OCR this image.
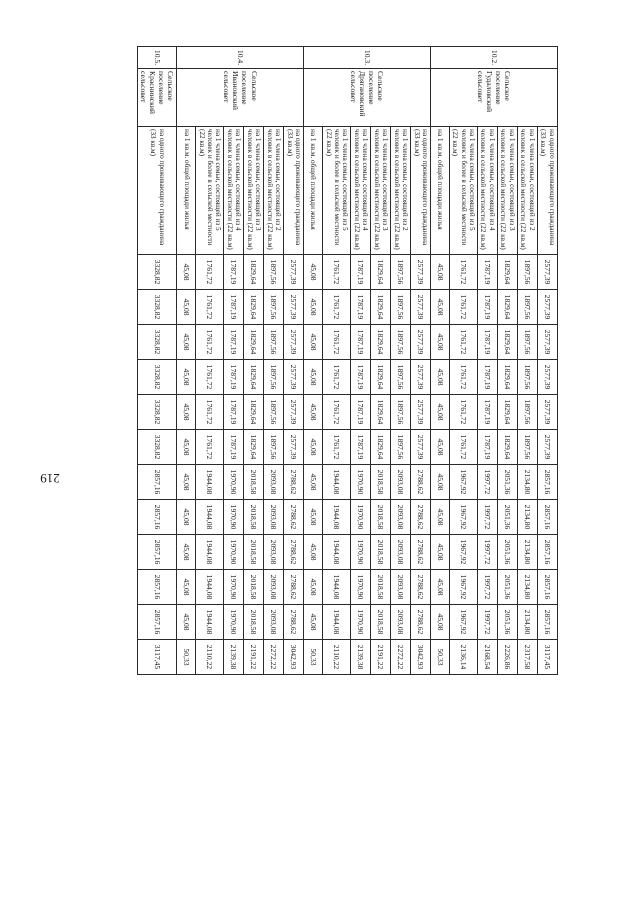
219
10.2.	Сельское поселение Гудаловский сельсовет	на одного проживающего гражданина (33 кв.м)	2577,39	2577,39	2577,39	2577,39	2577,39	2577,39	2857,16	2857,16	2857,16	2857,16	2857,16	3117,45
		на 1 члена семьи, состоящей из 2 человек в сельской местности (22 кв.м)	1897,56	1897,56	1897,56	1897,56	1897,56	1897,56	2134,80	2134,80	2134,80	2134,80	2134,80	2317,58
		на 1 члена семьи, состоящей из 3 человек в сельской местности (22 кв.м)	1829,64	1829,64	1829,64	1829,64	1829,64	1829,64	2051,36	2051,36	2051,36	2051,36	2051,36	2226,86
		на 1 члена семьи, состоящей из 4 человек в сельской местности (22 кв.м)	1787,19	1787,19	1787,19	1787,19	1787,19	1787,19	1997,72	1997,72	1997,72	1997,72	1997,72	2168,54
		на 1 члена семьи, состоящей из 5 человек и более в сельской местности (22 кв.м)	1761,72	1761,72	1761,72	1761,72	1761,72	1761,72	1967,92	1967,92	1967,92	1967,92	1967,92	2136,14
		на 1 кв.м. общей площади жилья	45,08	45,08	45,08	45,08	45,08	45,08	45,08	45,08	45,08	45,08	45,08	50,33
10.3.	Сельское поселение Дрягановский сельсовет	на одного проживающего гражданина (33 кв.м)	2577,39	2577,39	2577,39	2577,39	2577,39	2577,39	2788,62	2788,62	2788,62	2788,62	2788,62	3042,93
		на 1 члена семьи, состоящей из 2 человек в сельской местности (22 кв.м)	1897,56	1897,56	1897,56	1897,56	1897,56	1897,56	2093,08	2093,08	2093,08	2093,08	2093,08	2272,22
		на 1 члена семьи, состоящей из 3 человек в сельской местности (22 кв.м)	1829,64	1829,64	1829,64	1829,64	1829,64	1829,64	2018,58	2018,58	2018,58	2018,58	2018,58	2191,22
		на 1 члена семьи, состоящей из 4 человек в сельской местности (22 кв.м)	1787,19	1787,19	1787,19	1787,19	1787,19	1787,19	1970,90	1970,90	1970,90	1970,90	1970,90	2139,38
		на 1 члена семьи, состоящей из 5 человек и более в сельской местности (22 кв.м)	1761,72	1761,72	1761,72	1761,72	1761,72	1761,72	1944,08	1944,08	1944,08	1944,08	1944,08	2110,22
		на 1 кв.м. общей площади жилья	45,08	45,08	45,08	45,08	45,08	45,08	45,08	45,08	45,08	45,08	45,08	50,33
10.4.	Сельское поселение Ивановский сельсовет	на одного проживающего гражданина (33 кв.м)	2577,39	2577,39	2577,39	2577,39	2577,39	2577,39	2788,62	2788,62	2788,62	2788,62	2788,62	3042,93
		на 1 члена семьи, состоящей из 2 человек в сельской местности (22 кв.м)	1897,56	1897,56	1897,56	1897,56	1897,56	1897,56	2093,08	2093,08	2093,08	2093,08	2093,08	2272,22
		на 1 члена семьи, состоящей из 3 человек в сельской местности (22 кв.м)	1829,64	1829,64	1829,64	1829,64	1829,64	1829,64	2018,58	2018,58	2018,58	2018,58	2018,58	2191,22
		на 1 члена семьи, состоящей из 4 человек в сельской местности (22 кв.м)	1787,19	1787,19	1787,19	1787,19	1787,19	1787,19	1970,90	1970,90	1970,90	1970,90	1970,90	2139,38
		на 1 члена семьи, состоящей из 5 человек и более в сельской местности (22 кв.м)	1761,72	1761,72	1761,72	1761,72	1761,72	1761,72	1944,08	1944,08	1944,08	1944,08	1944,08	2110,22
		на 1 кв.м. общей площади жилья	45,08	45,08	45,08	45,08	45,08	45,08	45,08	45,08	45,08	45,08	45,08	50,33
10.5.	Сельское поселение Краснинский сельсовет	на одного проживающего гражданина (33 кв.м)	3328,82	3328,82	3328,82	3328,82	3328,82	3328,82	2857,16	2857,16	2857,16	2857,16	2857,16	3117,45
